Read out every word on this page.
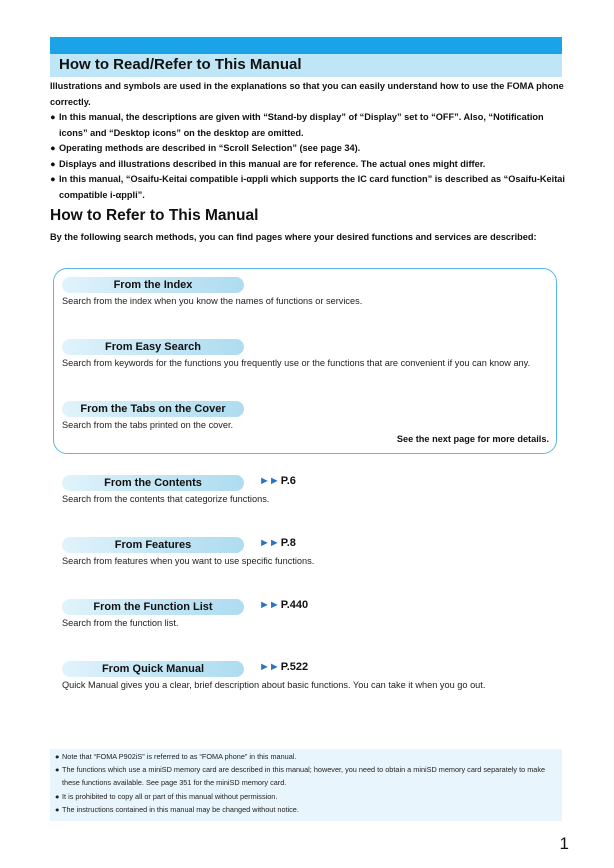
How to Read/Refer to This Manual
Illustrations and symbols are used in the explanations so that you can easily understand how to use the FOMA phone correctly.
● In this manual, the descriptions are given with “Stand-by display” of “Display” set to “OFF”. Also, “Notification icons” and “Desktop icons” on the desktop are omitted.
● Operating methods are described in “Scroll Selection” (see page 34).
● Displays and illustrations described in this manual are for reference. The actual ones might differ.
● In this manual, “Osaifu-Keitai compatible i-αppli which supports the IC card function” is described as “Osaifu-Keitai compatible i-αppli”.
How to Refer to This Manual
By the following search methods, you can find pages where your desired functions and services are described:
From the Index
Search from the index when you know the names of functions or services.
From Easy Search
Search from keywords for the functions you frequently use or the functions that are convenient if you can know any.
From the Tabs on the Cover
Search from the tabs printed on the cover.
See the next page for more details.
From the Contents	►► P.6
Search from the contents that categorize functions.
From Features	►► P.8
Search from features when you want to use specific functions.
From the Function List	►► P.440
Search from the function list.
From Quick Manual	►► P.522
Quick Manual gives you a clear, brief description about basic functions. You can take it when you go out.
● Note that “FOMA P902iS” is referred to as “FOMA phone” in this manual.
● The functions which use a miniSD memory card are described in this manual; however, you need to obtain a miniSD memory card separately to make these functions available. See page 351 for the miniSD memory card.
● It is prohibited to copy all or part of this manual without permission.
● The instructions contained in this manual may be changed without notice.
1
